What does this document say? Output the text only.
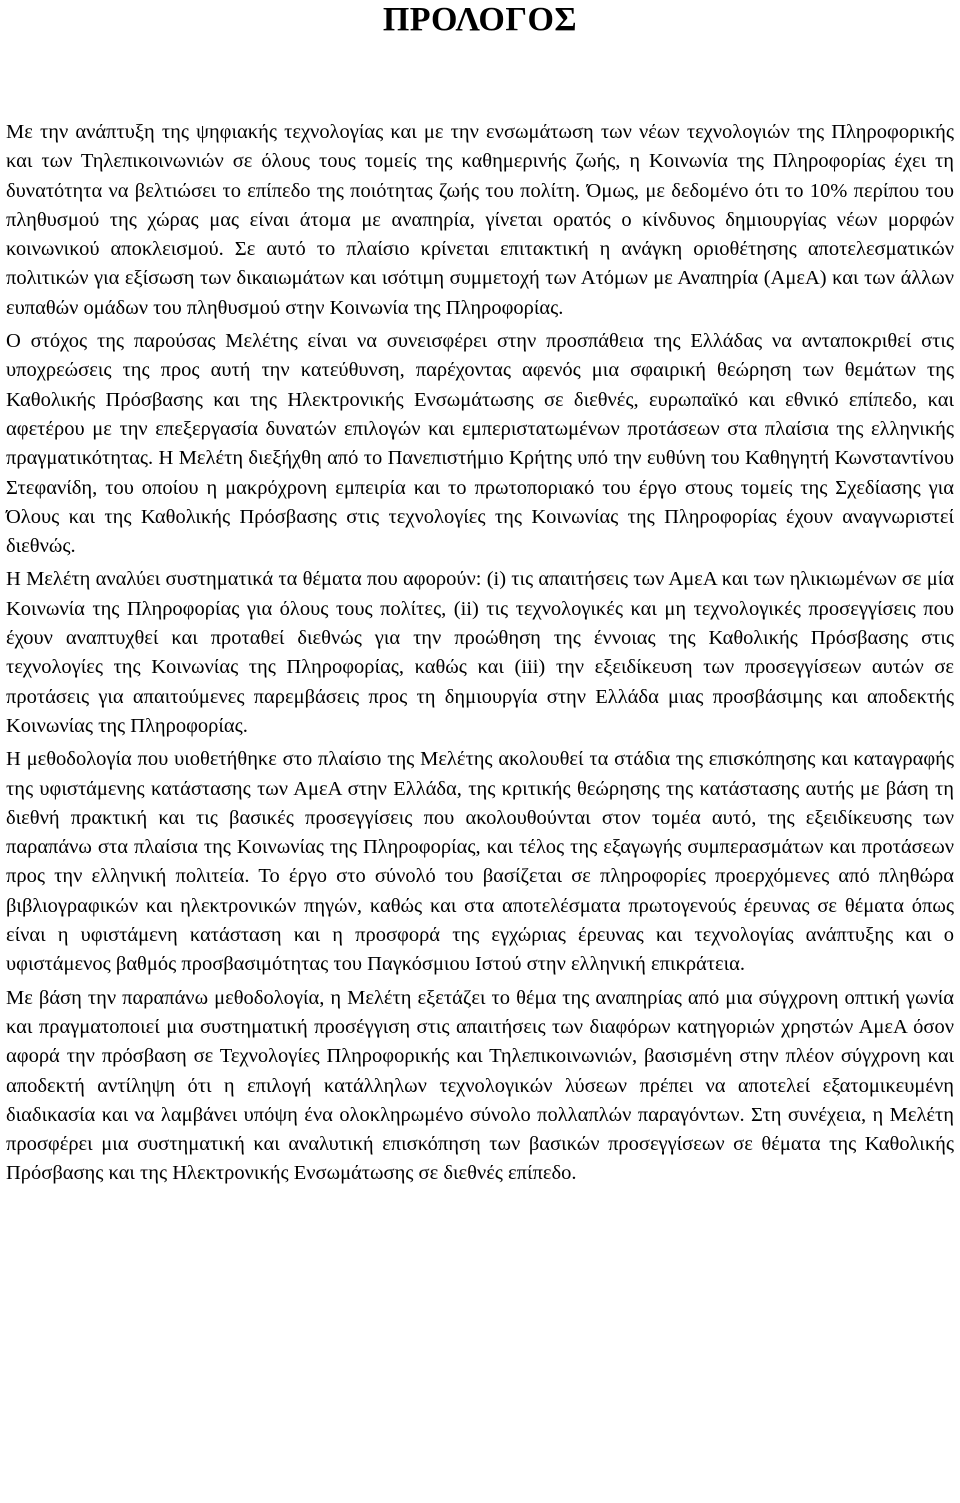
ΠΡΟΛΟΓΟΣ

Με την ανάπτυξη της ψηφιακής τεχνολογίας και με την ενσωμάτωση των νέων τεχνολογιών της Πληροφορικής και των Τηλεπικοινωνιών σε όλους τους τομείς της καθημερινής ζωής, η Κοινωνία της Πληροφορίας έχει τη δυνατότητα να βελτιώσει το επίπεδο της ποιότητας ζωής του πολίτη. Όμως, με δεδομένο ότι το 10% περίπου του πληθυσμού της χώρας μας είναι άτομα με αναπηρία, γίνεται ορατός ο κίνδυνος δημιουργίας νέων μορφών κοινωνικού αποκλεισμού. Σε αυτό το πλαίσιο κρίνεται επιτακτική η ανάγκη οριοθέτησης αποτελεσματικών πολιτικών για εξίσωση των δικαιωμάτων και ισότιμη συμμετοχή των Ατόμων με Αναπηρία (ΑμεΑ) και των άλλων ευπαθών ομάδων του πληθυσμού στην Κοινωνία της Πληροφορίας.

Ο στόχος της παρούσας Μελέτης είναι να συνεισφέρει στην προσπάθεια της Ελλάδας να ανταποκριθεί στις υποχρεώσεις της προς αυτή την κατεύθυνση, παρέχοντας αφενός μια σφαιρική θεώρηση των θεμάτων της Καθολικής Πρόσβασης και της Ηλεκτρονικής Ενσωμάτωσης σε διεθνές, ευρωπαϊκό και εθνικό επίπεδο, και αφετέρου με την επεξεργασία δυνατών επιλογών και εμπεριστατωμένων προτάσεων στα πλαίσια της ελληνικής πραγματικότητας. Η Μελέτη διεξήχθη από το Πανεπιστήμιο Κρήτης υπό την ευθύνη του Καθηγητή Κωνσταντίνου Στεφανίδη, του οποίου η μακρόχρονη εμπειρία και το πρωτοποριακό του έργο στους τομείς της Σχεδίασης για Όλους και της Καθολικής Πρόσβασης στις τεχνολογίες της Κοινωνίας της Πληροφορίας έχουν αναγνωριστεί διεθνώς.

Η Μελέτη αναλύει συστηματικά τα θέματα που αφορούν: (i) τις απαιτήσεις των ΑμεΑ και των ηλικιωμένων σε μία Κοινωνία της Πληροφορίας για όλους τους πολίτες, (ii) τις τεχνολογικές και μη τεχνολογικές προσεγγίσεις που έχουν αναπτυχθεί και προταθεί διεθνώς για την προώθηση της έννοιας της Καθολικής Πρόσβασης στις τεχνολογίες της Κοινωνίας της Πληροφορίας, καθώς και (iii) την εξειδίκευση των προσεγγίσεων αυτών σε προτάσεις για απαιτούμενες παρεμβάσεις προς τη δημιουργία στην Ελλάδα μιας προσβάσιμης και αποδεκτής Κοινωνίας της Πληροφορίας.

Η μεθοδολογία που υιοθετήθηκε στο πλαίσιο της Μελέτης ακολουθεί τα στάδια της επισκόπησης και καταγραφής της υφιστάμενης κατάστασης των ΑμεΑ στην Ελλάδα, της κριτικής θεώρησης της κατάστασης αυτής με βάση τη διεθνή πρακτική και τις βασικές προσεγγίσεις που ακολουθούνται στον τομέα αυτό, της εξειδίκευσης των παραπάνω στα πλαίσια της Κοινωνίας της Πληροφορίας, και τέλος της εξαγωγής συμπερασμάτων και προτάσεων προς την ελληνική πολιτεία. Το έργο στο σύνολό του βασίζεται σε πληροφορίες προερχόμενες από πληθώρα βιβλιογραφικών και ηλεκτρονικών πηγών, καθώς και στα αποτελέσματα πρωτογενούς έρευνας σε θέματα όπως είναι η υφιστάμενη κατάσταση και η προσφορά της εγχώριας έρευνας και τεχνολογίας ανάπτυξης και ο υφιστάμενος βαθμός προσβασιμότητας του Παγκόσμιου Ιστού στην ελληνική επικράτεια.

Με βάση την παραπάνω μεθοδολογία, η Μελέτη εξετάζει το θέμα της αναπηρίας από μια σύγχρονη οπτική γωνία και πραγματοποιεί μια συστηματική προσέγγιση στις απαιτήσεις των διαφόρων κατηγοριών χρηστών ΑμεΑ όσον αφορά την πρόσβαση σε Τεχνολογίες Πληροφορικής και Τηλεπικοινωνιών, βασισμένη στην πλέον σύγχρονη και αποδεκτή αντίληψη ότι η επιλογή κατάλληλων τεχνολογικών λύσεων πρέπει να αποτελεί εξατομικευμένη διαδικασία και να λαμβάνει υπόψη ένα ολοκληρωμένο σύνολο πολλαπλών παραγόντων. Στη συνέχεια, η Μελέτη προσφέρει μια συστηματική και αναλυτική επισκόπηση των βασικών προσεγγίσεων σε θέματα της Καθολικής Πρόσβασης και της Ηλεκτρονικής Ενσωμάτωσης σε διεθνές επίπεδο.
